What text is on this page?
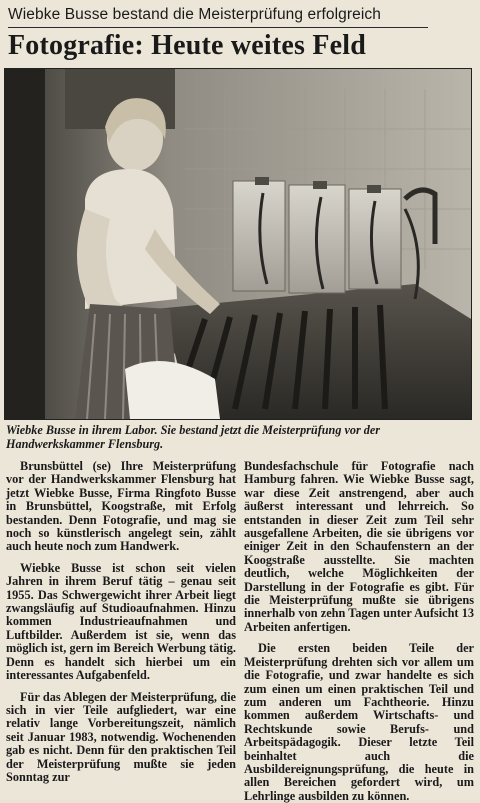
Wiebke Busse bestand die Meisterprüfung erfolgreich
Fotografie: Heute weites Feld
Wiebke Busse in ihrem Labor. Sie bestand jetzt die Meisterprüfung vor der Handwerkskammer Flensburg.

Brunsbüttel (se) Ihre Meisterprüfung vor der Handwerkskammer Flensburg hat jetzt Wiebke Busse, Firma Ringfoto Busse in Brunsbüttel, Koogstraße, mit Erfolg bestanden. Denn Fotografie, und mag sie noch so künstlerisch angelegt sein, zählt auch heute noch zum Handwerk.

Wiebke Busse ist schon seit vielen Jahren in ihrem Beruf tätig – genau seit 1955. Das Schwergewicht ihrer Arbeit liegt zwangsläufig auf Studioaufnahmen. Hinzu kommen Industrieaufnahmen und Luftbilder. Außerdem ist sie, wenn das möglich ist, gern im Bereich Werbung tätig. Denn es handelt sich hierbei um ein interessantes Aufgabenfeld.

Für das Ablegen der Meisterprüfung, die sich in vier Teile aufgliedert, war eine relativ lange Vorbereitungszeit, nämlich seit Januar 1983, notwendig. Wochenenden gab es nicht. Denn für den praktischen Teil der Meisterprüfung mußte sie jeden Sonntag zur

Bundesfachschule für Fotografie nach Hamburg fahren. Wie Wiebke Busse sagt, war diese Zeit anstrengend, aber auch äußerst interessant und lehrreich. So entstanden in dieser Zeit zum Teil sehr ausgefallene Arbeiten, die sie übrigens vor einiger Zeit in den Schaufenstern an der Koogstraße ausstellte. Sie machten deutlich, welche Möglichkeiten der Darstellung in der Fotografie es gibt. Für die Meisterprüfung mußte sie übrigens innerhalb von zehn Tagen unter Aufsicht 13 Arbeiten anfertigen.

Die ersten beiden Teile der Meisterprüfung drehten sich vor allem um die Fotografie, und zwar handelte es sich zum einen um einen praktischen Teil und zum anderen um Fachtheorie. Hinzu kommen außerdem Wirtschafts- und Rechtskunde sowie Berufs- und Arbeitspädagogik. Dieser letzte Teil beinhaltet auch die Ausbildereignungsprüfung, die heute in allen Bereichen gefordert wird, um Lehrlinge ausbilden zu können.
